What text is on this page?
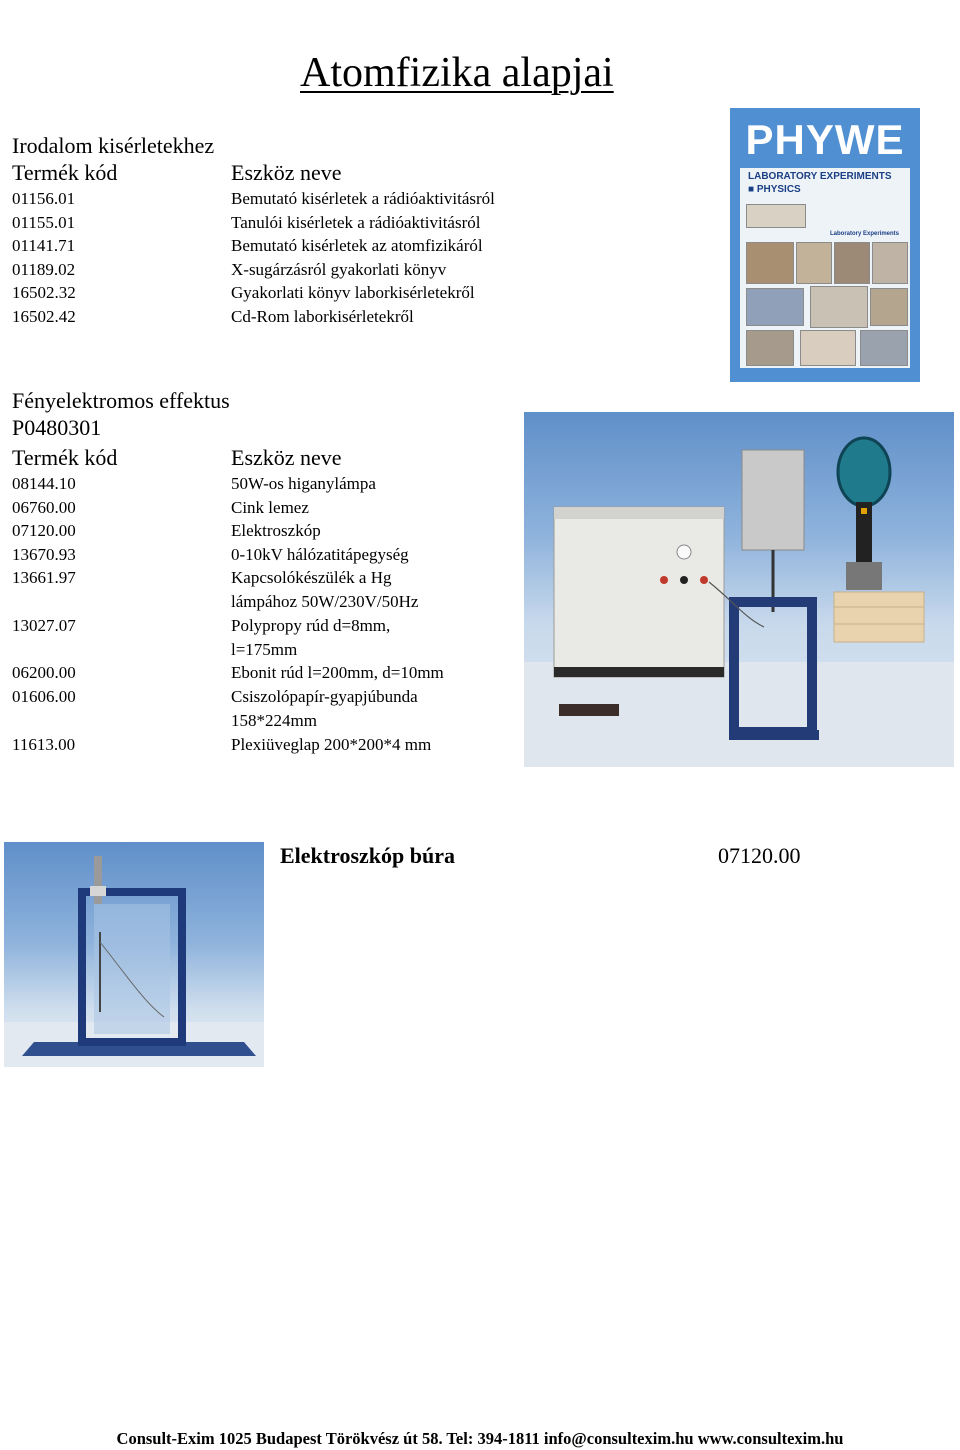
Atomfizika alapjai
Irodalom kisérletekhez
Termék kód	Eszköz neve
01156.01	Bemutató kisérletek a rádióaktivitásról
01155.01	Tanulói kisérletek a rádióaktivitásról
01141.71	Bemutató kisérletek az atomfizikáról
01189.02	X-sugárzásról gyakorlati könyv
16502.32	Gyakorlati könyv laborkisérletekről
16502.42	Cd-Rom laborkisérletekről
PHYWE
LABORATORY EXPERIMENTS
■ PHYSICS
Laboratory Experiments
Fényelektromos effektus
P0480301
Termék kód	Eszköz neve
08144.10	50W-os higanylámpa
06760.00	Cink lemez
07120.00	Elektroszkóp
13670.93	0-10kV hálózatitápegység
13661.97	Kapcsolókészülék a Hg
lámpához 50W/230V/50Hz
13027.07	Polypropy rúd d=8mm,
l=175mm
06200.00	Ebonit rúd l=200mm, d=10mm
01606.00	Csiszolópapír-gyapjúbunda
158*224mm
11613.00	Plexiüveglap 200*200*4 mm
Elektroszkóp búra	07120.00
Consult-Exim 1025 Budapest Törökvész út 58. Tel: 394-1811 info@consultexim.hu www.consultexim.hu
